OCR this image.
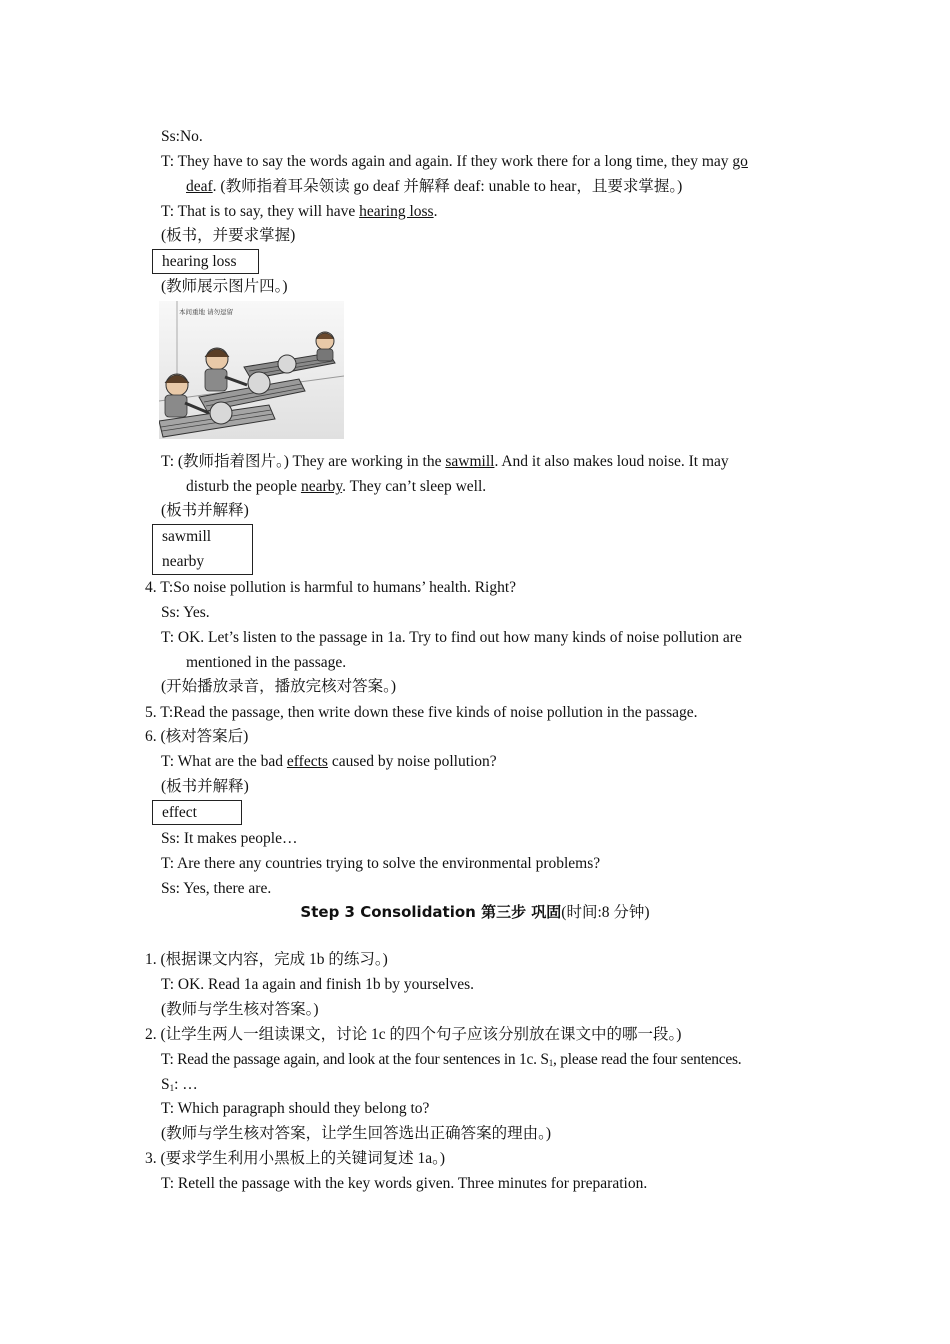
Ss:No.
T: They have to say the words again and again. If they work there for a long time, they may go
deaf. (教师指着耳朵领读 go deaf 并解释 deaf: unable to hear，且要求掌握。)
T: That is to say, they will have hearing loss.
(板书，并要求掌握)
hearing loss
(教师展示图片四。)
本间重地 请勿逗留
T: (教师指着图片。) They are working in the sawmill. And it also makes loud noise. It may
disturb the people nearby. They can’t sleep well.
(板书并解释)
sawmill
nearby
4. T:So noise pollution is harmful to humans’ health. Right?
Ss: Yes.
T: OK. Let’s listen to the passage in 1a. Try to find out how many kinds of noise pollution are
mentioned in the passage.
(开始播放录音，播放完核对答案。)
5. T:Read the passage, then write down these five kinds of noise pollution in the passage.
6. (核对答案后)
T: What are the bad effects caused by noise pollution?
(板书并解释)
effect
Ss: It makes people…
T: Are there any countries trying to solve the environmental problems?
Ss: Yes, there are.
Step 3 Consolidation 第三步 巩固(时间:8 分钟)
1. (根据课文内容，完成 1b 的练习。)
T: OK. Read 1a again and finish 1b by yourselves.
(教师与学生核对答案。)
2. (让学生两人一组读课文，讨论 1c 的四个句子应该分别放在课文中的哪一段。)
T: Read the passage again, and look at the four sentences in 1c. $S_1$, please read the four sentences.
$S_1$: …
T: Which paragraph should they belong to?
(教师与学生核对答案，让学生回答选出正确答案的理由。)
3. (要求学生利用小黑板上的关键词复述 1a。)
T: Retell the passage with the key words given. Three minutes for preparation.
